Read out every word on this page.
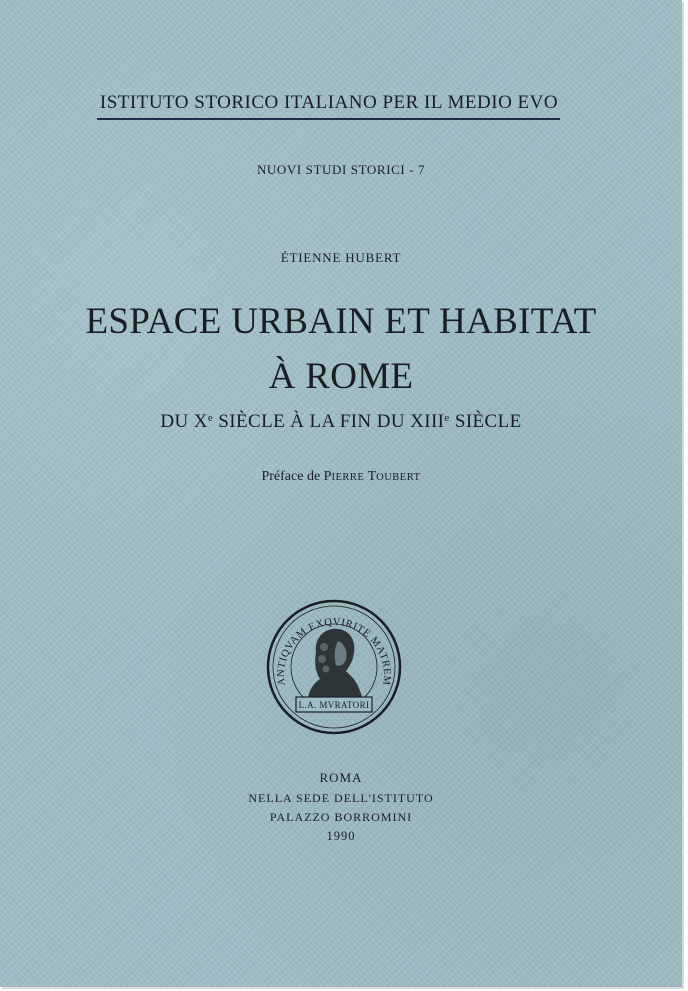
ISTITUTO STORICO ITALIANO PER IL MEDIO EVO
NUOVI STUDI STORICI - 7
ÉTIENNE HUBERT
ESPACE URBAIN ET HABITAT
À ROME
DU Xe SIÈCLE À LA FIN DU XIIIe SIÈCLE
Préface de PIERRE TOUBERT
ANTIQVAM EXQVIRITE MATREM
L.A. MVRATORI
ROMA
NELLA SEDE DELL'ISTITUTO
PALAZZO BORROMINI
1990
